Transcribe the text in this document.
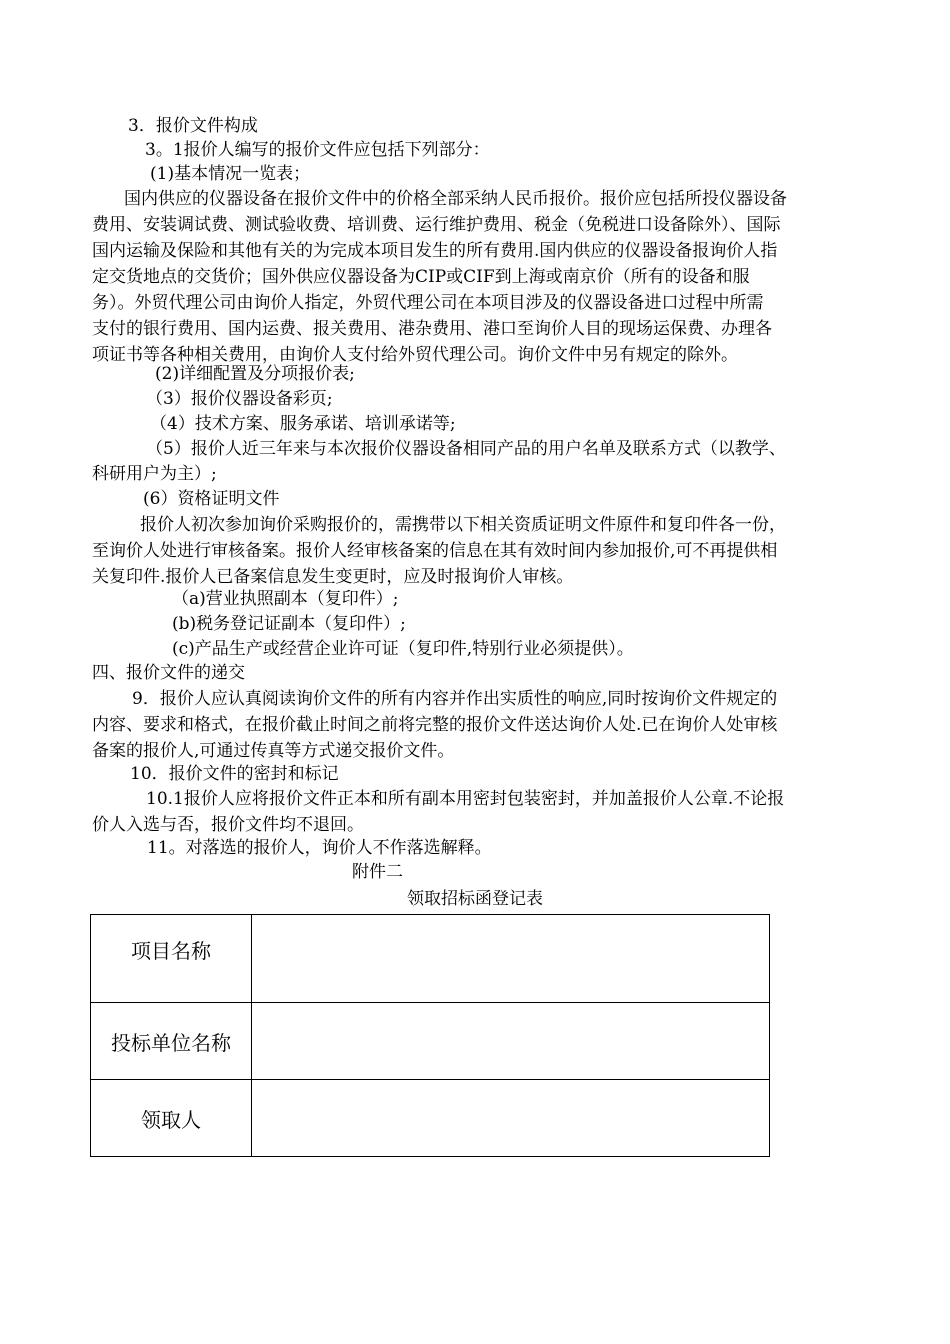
3．报价文件构成
3。1报价人编写的报价文件应包括下列部分：
(1)基本情况一览表；
国内供应的仪器设备在报价文件中的价格全部采纳人民币报价。报价应包括所投仪器设备
费用、安装调试费、测试验收费、培训费、运行维护费用、税金（免税进口设备除外）、国际
国内运输及保险和其他有关的为完成本项目发生的所有费用.国内供应的仪器设备报询价人指
定交货地点的交货价；国外供应仪器设备为CIP或CIF到上海或南京价（所有的设备和服
务）。外贸代理公司由询价人指定，外贸代理公司在本项目涉及的仪器设备进口过程中所需
支付的银行费用、国内运费、报关费用、港杂费用、港口至询价人目的现场运保费、办理各
项证书等各种相关费用，由询价人支付给外贸代理公司。询价文件中另有规定的除外。
(2)详细配置及分项报价表;
（3）报价仪器设备彩页;
（4）技术方案、服务承诺、培训承诺等;
（5）报价人近三年来与本次报价仪器设备相同产品的用户名单及联系方式（以教学、
科研用户为主）;
(6）资格证明文件
报价人初次参加询价采购报价的，需携带以下相关资质证明文件原件和复印件各一份，
至询价人处进行审核备案。报价人经审核备案的信息在其有效时间内参加报价,可不再提供相
关复印件.报价人已备案信息发生变更时，应及时报询价人审核。
（a)营业执照副本（复印件）;
(b)税务登记证副本（复印件）;
(c)产品生产或经营企业许可证（复印件,特别行业必须提供）。
四、报价文件的递交
9．报价人应认真阅读询价文件的所有内容并作出实质性的响应,同时按询价文件规定的
内容、要求和格式，在报价截止时间之前将完整的报价文件送达询价人处.已在询价人处审核
备案的报价人,可通过传真等方式递交报价文件。
10．报价文件的密封和标记
10.1报价人应将报价文件正本和所有副本用密封包装密封，并加盖报价人公章.不论报
价人入选与否，报价文件均不退回。
11。对落选的报价人，询价人不作落选解释。
附件二
领取招标函登记表
项目名称	
投标单位名称	
领取人	
